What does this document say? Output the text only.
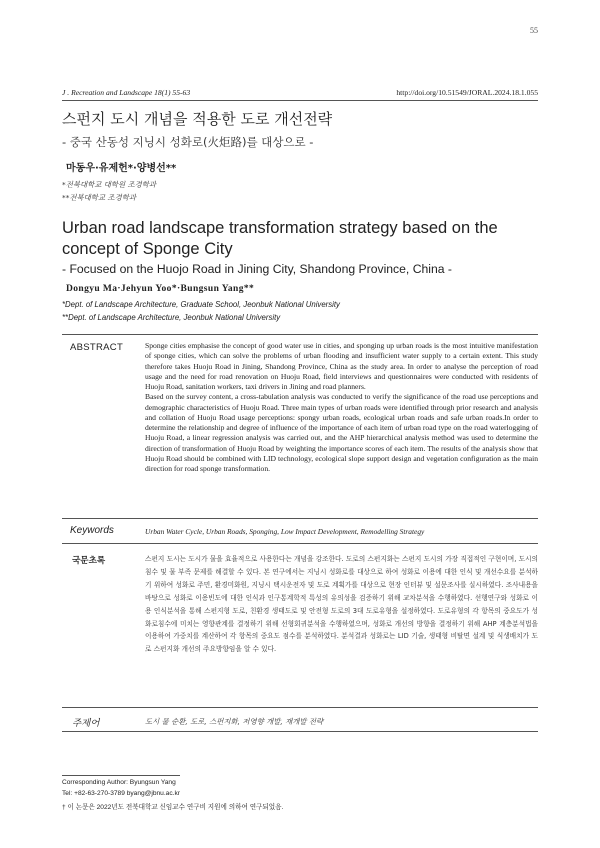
55
J . Recreation and Landscape 18(1) 55-63	http://doi.org/10.51549/JORAL.2024.18.1.055
스펀지 도시 개념을 적용한 도로 개선전략
- 중국 산동성 지닝시 성화로(火炬路)를 대상으로 -
마동우·유제헌*·양병선**
*전북대학교 대학원 조경학과
**전북대학교 조경학과
Urban road landscape transformation strategy based on the concept of Sponge City
- Focused on the Huojo Road in Jining City, Shandong Province, China -
Dongyu Ma·Jehyun Yoo*·Bungsun Yang**
*Dept. of Landscape Architecture, Graduate School, Jeonbuk National University
**Dept. of Landscape Architecture, Jeonbuk National University
ABSTRACT	Sponge cities emphasise the concept of good water use in cities, and sponging up urban roads is the most intuitive manifestation of sponge cities, which can solve the problems of urban flooding and insufficient water supply to a certain extent. This study therefore takes Huoju Road in Jining, Shandong Province, China as the study area. In order to analyse the perception of road usage and the need for road renovation on Huoju Road, field interviews and questionnaires were conducted with residents of Huoju Road, sanitation workers, taxi drivers in Jining and road planners.

Based on the survey content, a cross-tabulation analysis was conducted to verify the significance of the road use perceptions and demographic characteristics of Huoju Road. Three main types of urban roads were identified through prior research and analysis and collation of Huoju Road usage perceptions: spongy urban roads, ecological urban roads and safe urban roads.In order to determine the relationship and degree of influence of the importance of each item of urban road type on the road waterlogging of Huoju Road, a linear regression analysis was carried out, and the AHP hierarchical analysis method was used to determine the direction of transformation of Huoju Road by weighting the importance scores of each item. The results of the analysis show that Huoju Road should be combined with LID technology, ecological slope support design and vegetation configuration as the main direction for road sponge transformation.

Keywords	Urban Water Cycle, Urban Roads, Sponging, Low Impact Development, Remodelling Strategy
국문초록	스펀지 도시는 도시가 물을 효율적으로 사용한다는 개념을 강조한다. 도로의 스펀지화는 스펀지 도시의 가장 직접적인 구현이며, 도시의 침수 및 물 부족 문제를 해결할 수 있다. 본 연구에서는 지닝시 성화로를 대상으로 하여 성화로 이용에 대한 인식 및 개선수요를 분석하기 위하여 성화로 주민, 환경미화원, 지닝시 택시운전자 및 도로 계획가를 대상으로 현장 인터뷰 및 설문조사를 실시하였다. 조사내용을 바탕으로 성화로 이용빈도에 대한 인식과 인구통계학적 특성의 유의성을 검증하기 위해 교차분석을 수행하였다. 선행연구와 성화로 이용 인식분석을 통해 스펀지형 도로, 친환경 생태도로 및 안전형 도로의 3대 도로유형을 설정하였다. 도로유형의 각 항목의 중요도가 성화로침수에 미치는 영향관계를 결정하기 위해 선형회귀분석을 수행하였으며, 성화로 개선의 방향을 결정하기 위해 AHP 계층분석법을 이용하여 가중치를 계산하여 각 항목의 중요도 점수를 분석하였다. 분석결과 성화로는 LID 기술, 생태형 비탈면 설계 및 식생배치가 도로 스펀지화 개선의 주요방향임을 알 수 있다.
주제어	도시 물 순환, 도로, 스펀지화, 저영향 개발, 재개발 전략
Corresponding Author: Byungsun Yang
Tel: +82-63-270-3789 byang@jbnu.ac.kr
† 이 논문은 2022년도 전북대학교 신임교수 연구비 지원에 의하여 연구되었음.
